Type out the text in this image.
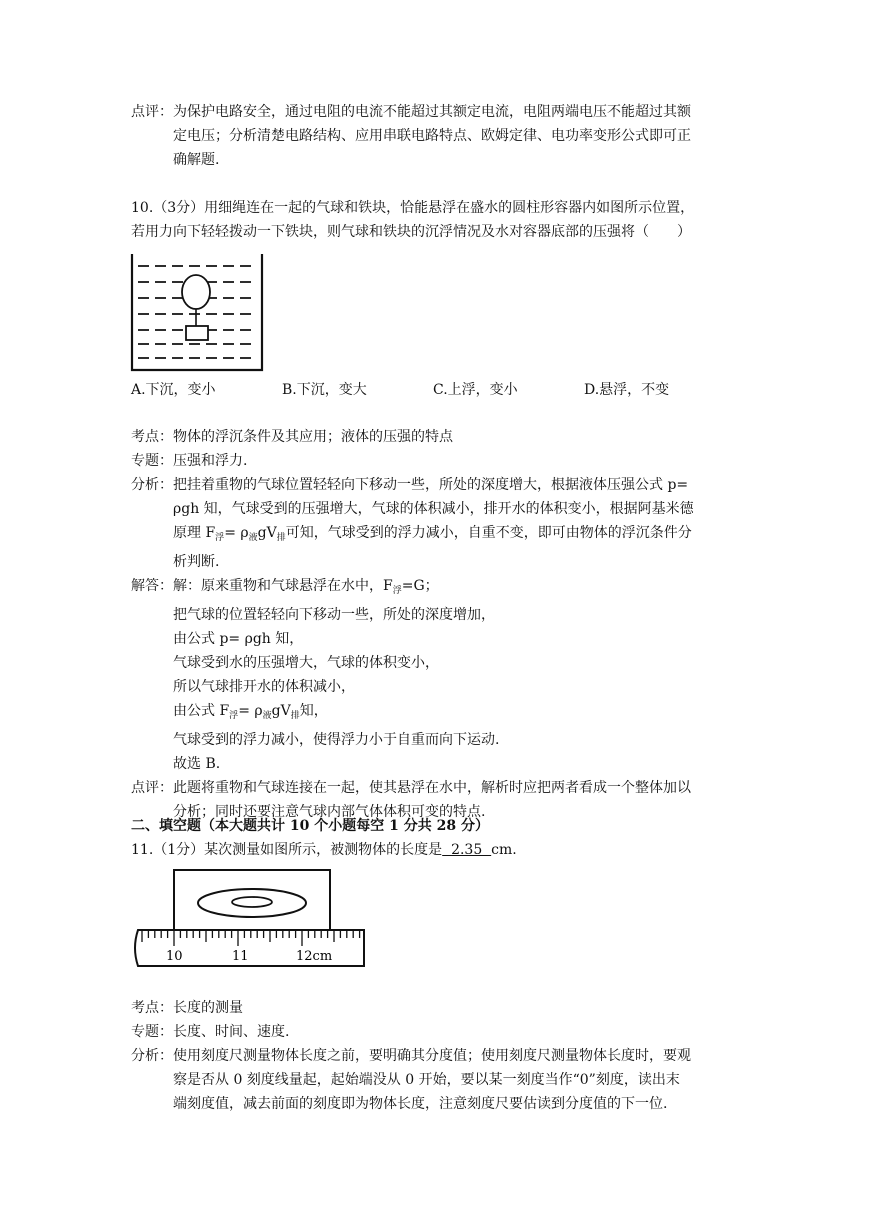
点评： 为保护电路安全，通过电阻的电流不能超过其额定电流，电阻两端电压不能超过其额
定电压；分析清楚电路结构、应用串联电路特点、欧姆定律、电功率变形公式即可正
确解题.
10.（3分）用细绳连在一起的气球和铁块，恰能悬浮在盛水的圆柱形容器内如图所示位置，
若用力向下轻轻拨动一下铁块，则气球和铁块的沉浮情况及水对容器底部的压强将（　　）
A.下沉，变小	B.下沉，变大	C.上浮，变小	D.悬浮，不变
考点： 物体的浮沉条件及其应用；液体的压强的特点
专题： 压强和浮力.
分析： 把挂着重物的气球位置轻轻向下移动一些，所处的深度增大，根据液体压强公式 p=
ρgh 知，气球受到的压强增大，气球的体积减小，排开水的体积变小，根据阿基米德
原理 $F_浮= \rho_液gV_排$可知，气球受到的浮力减小，自重不变，即可由物体的浮沉条件分
析判断.
解答： 解：原来重物和气球悬浮在水中，$F_浮=G$；
把气球的位置轻轻向下移动一些，所处的深度增加，
由公式 p= ρgh 知，
气球受到水的压强增大，气球的体积变小，
所以气球排开水的体积减小，
由公式 $F_浮= \rho_液gV_排$知，
气球受到的浮力减小，使得浮力小于自重而向下运动.
故选 B.
点评： 此题将重物和气球连接在一起，使其悬浮在水中，解析时应把两者看成一个整体加以
分析；同时还要注意气球内部气体体积可变的特点.
二、填空题（本大题共计 10 个小题每空 1 分共 28 分）
11.（1分）某次测量如图所示，被测物体的长度是  2.35  cm.
10	11	12cm
考点： 长度的测量
专题： 长度、时间、速度.
分析： 使用刻度尺测量物体长度之前，要明确其分度值；使用刻度尺测量物体长度时，要观
察是否从 0 刻度线量起，起始端没从 0 开始，要以某一刻度当作“0”刻度，读出末
端刻度值，减去前面的刻度即为物体长度，注意刻度尺要估读到分度值的下一位.
